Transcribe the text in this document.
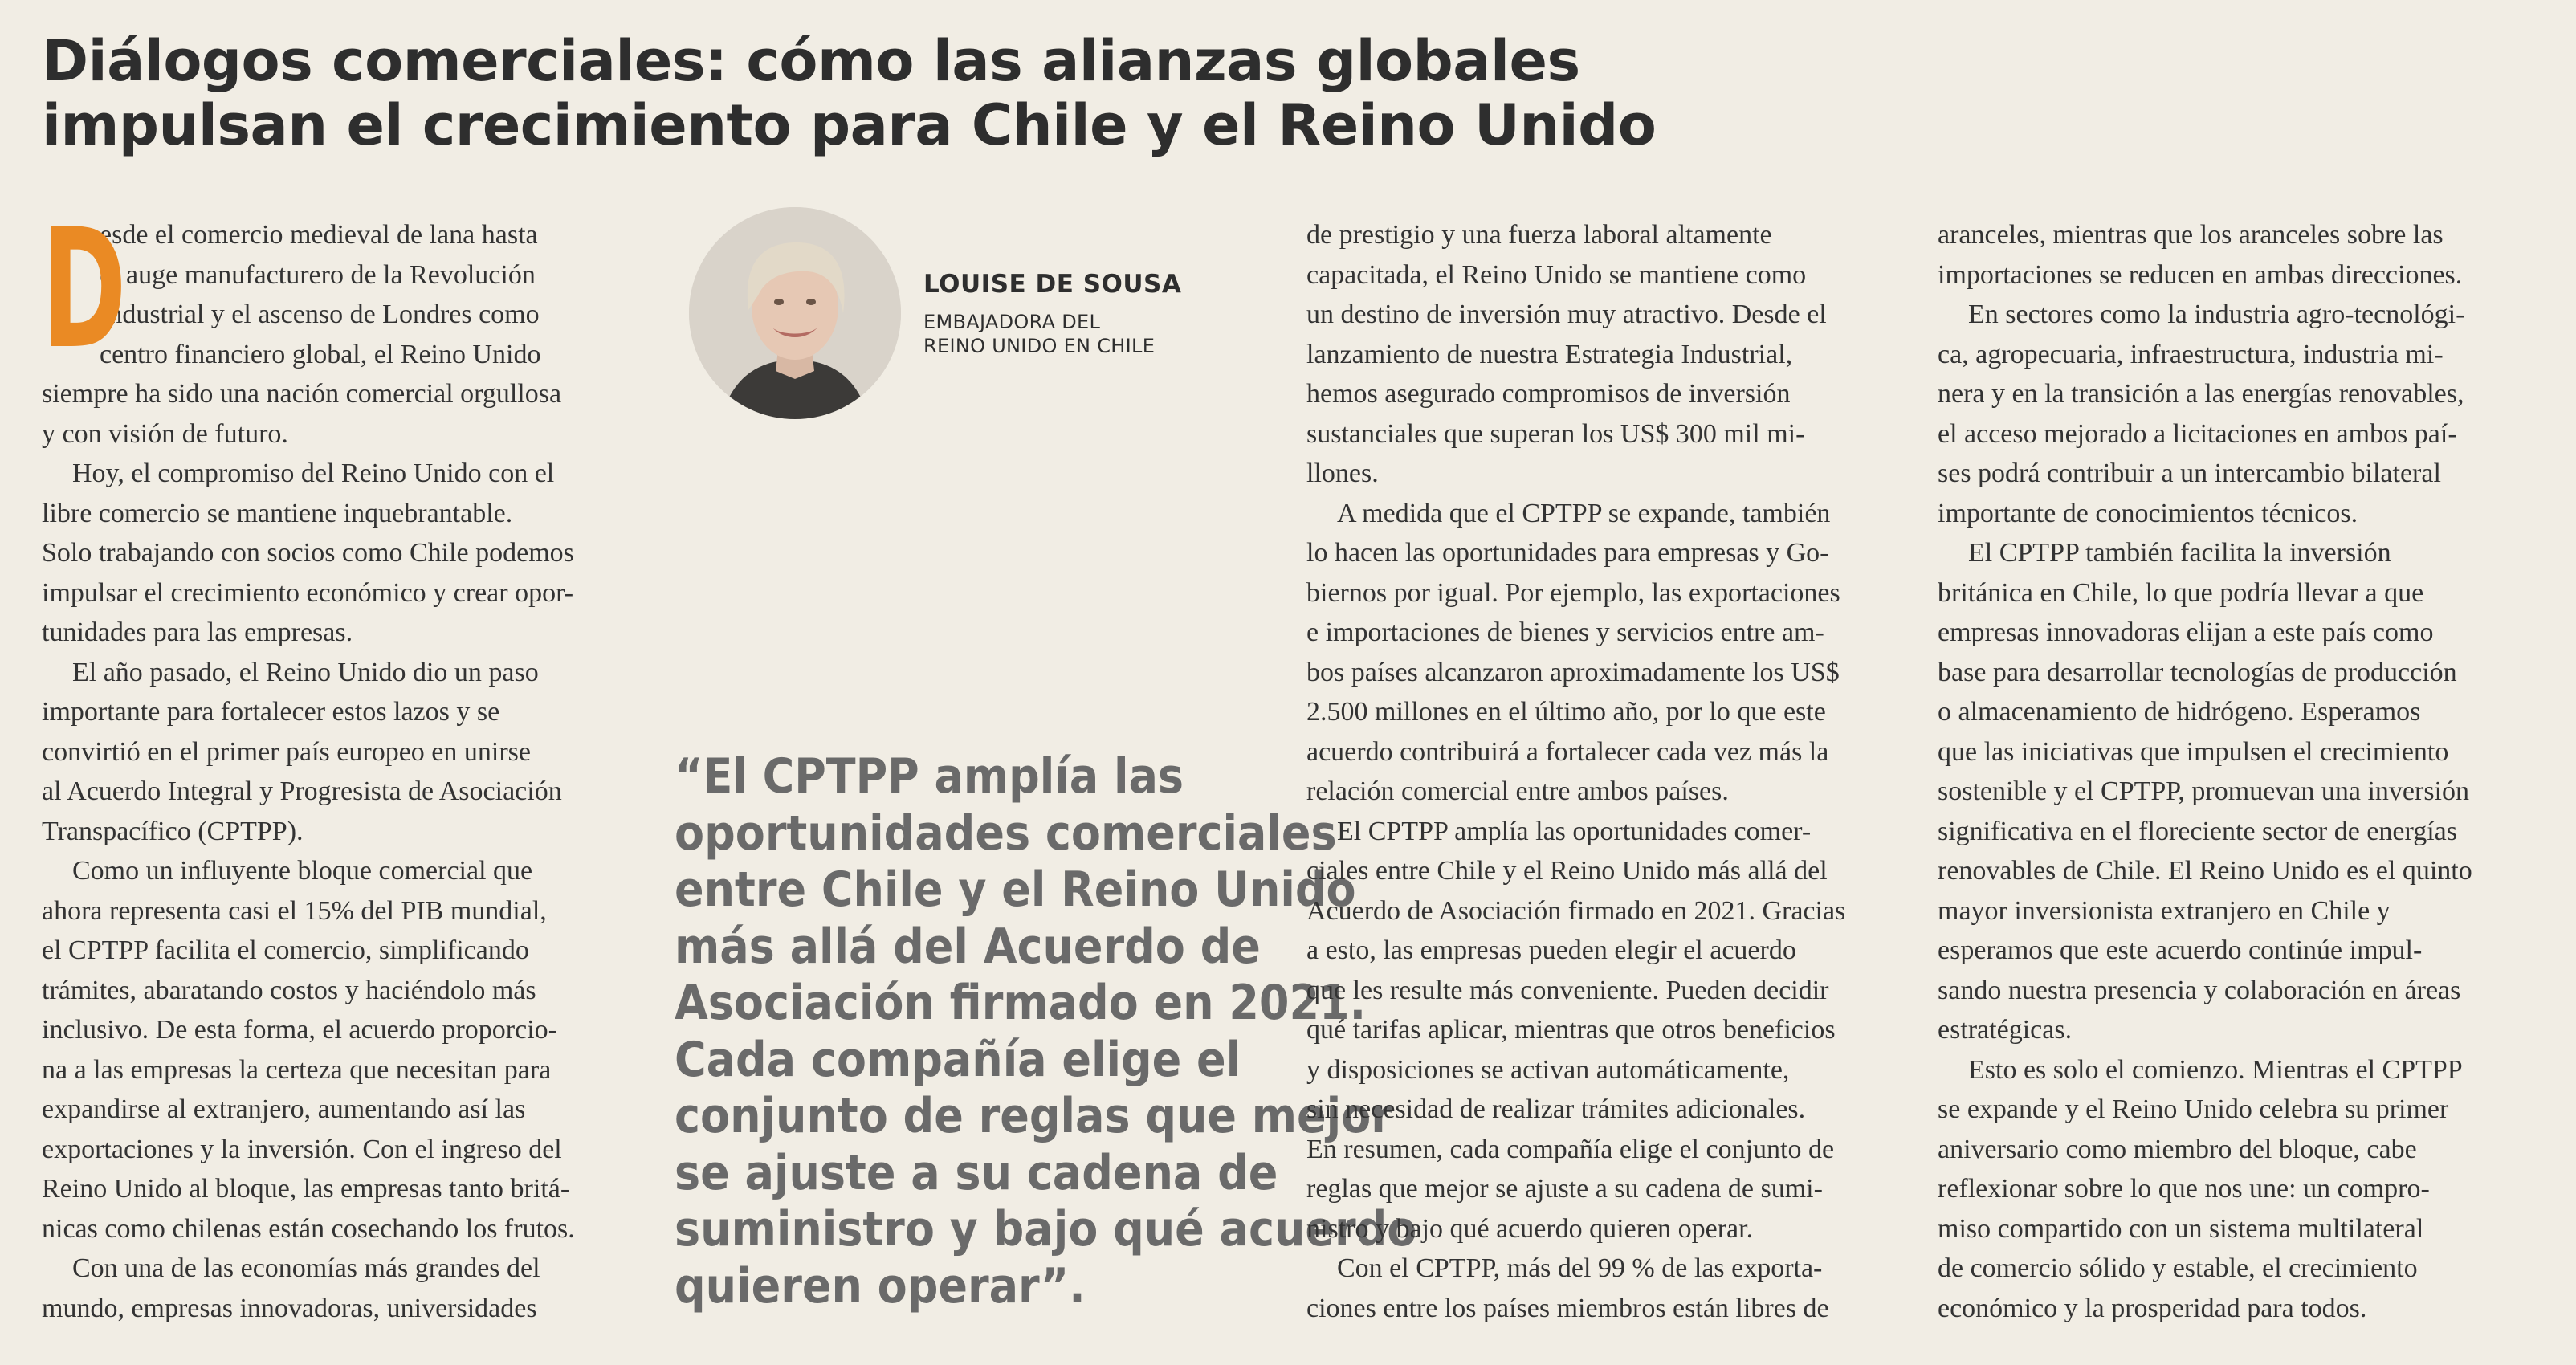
Diálogos comerciales: cómo las alianzas globales
impulsan el crecimiento para Chile y el Reino Unido
D

esde el comercio medieval de lana hasta

el auge manufacturero de la Revolución

Industrial y el ascenso de Londres como

centro financiero global, el Reino Unido

siempre ha sido una nación comercial orgullosa

y con visión de futuro.

Hoy, el compromiso del Reino Unido con el

libre comercio se mantiene inquebrantable.

Solo trabajando con socios como Chile podemos

impulsar el crecimiento económico y crear opor-

tunidades para las empresas.

El año pasado, el Reino Unido dio un paso

importante para fortalecer estos lazos y se

convirtió en el primer país europeo en unirse

al Acuerdo Integral y Progresista de Asociación

Transpacífico (CPTPP).

Como un influyente bloque comercial que

ahora representa casi el 15% del PIB mundial,

el CPTPP facilita el comercio, simplificando

trámites, abaratando costos y haciéndolo más

inclusivo. De esta forma, el acuerdo proporcio-

na a las empresas la certeza que necesitan para

expandirse al extranjero, aumentando así las

exportaciones y la inversión. Con el ingreso del

Reino Unido al bloque, las empresas tanto britá-

nicas como chilenas están cosechando los frutos.

Con una de las economías más grandes del

mundo, empresas innovadoras, universidades

LOUISE DE SOUSA
EMBAJADORA DEL
REINO UNIDO EN CHILE
“El CPTPP amplía las
oportunidades comerciales
entre Chile y el Reino Unido
más allá del Acuerdo de
Asociación firmado en 2021.
Cada compañía elige el
conjunto de reglas que mejor
se ajuste a su cadena de
suministro y bajo qué acuerdo
quieren operar”.

de prestigio y una fuerza laboral altamente

capacitada, el Reino Unido se mantiene como

un destino de inversión muy atractivo. Desde el

lanzamiento de nuestra Estrategia Industrial,

hemos asegurado compromisos de inversión

sustanciales que superan los US$ 300 mil mi-

llones.

A medida que el CPTPP se expande, también

lo hacen las oportunidades para empresas y Go-

biernos por igual. Por ejemplo, las exportaciones

e importaciones de bienes y servicios entre am-

bos países alcanzaron aproximadamente los US$

2.500 millones en el último año, por lo que este

acuerdo contribuirá a fortalecer cada vez más la

relación comercial entre ambos países.

El CPTPP amplía las oportunidades comer-

ciales entre Chile y el Reino Unido más allá del

Acuerdo de Asociación firmado en 2021. Gracias

a esto, las empresas pueden elegir el acuerdo

que les resulte más conveniente. Pueden decidir

qué tarifas aplicar, mientras que otros beneficios

y disposiciones se activan automáticamente,

sin necesidad de realizar trámites adicionales.

En resumen, cada compañía elige el conjunto de

reglas que mejor se ajuste a su cadena de sumi-

nistro y bajo qué acuerdo quieren operar.

Con el CPTPP, más del 99 % de las exporta-

ciones entre los países miembros están libres de

aranceles, mientras que los aranceles sobre las

importaciones se reducen en ambas direcciones.

En sectores como la industria agro-tecnológi-

ca, agropecuaria, infraestructura, industria mi-

nera y en la transición a las energías renovables,

el acceso mejorado a licitaciones en ambos paí-

ses podrá contribuir a un intercambio bilateral

importante de conocimientos técnicos.

El CPTPP también facilita la inversión

británica en Chile, lo que podría llevar a que

empresas innovadoras elijan a este país como

base para desarrollar tecnologías de producción

o almacenamiento de hidrógeno. Esperamos

que las iniciativas que impulsen el crecimiento

sostenible y el CPTPP, promuevan una inversión

significativa en el floreciente sector de energías

renovables de Chile. El Reino Unido es el quinto

mayor inversionista extranjero en Chile y

esperamos que este acuerdo continúe impul-

sando nuestra presencia y colaboración en áreas

estratégicas.

Esto es solo el comienzo. Mientras el CPTPP

se expande y el Reino Unido celebra su primer

aniversario como miembro del bloque, cabe

reflexionar sobre lo que nos une: un compro-

miso compartido con un sistema multilateral

de comercio sólido y estable, el crecimiento

económico y la prosperidad para todos.
